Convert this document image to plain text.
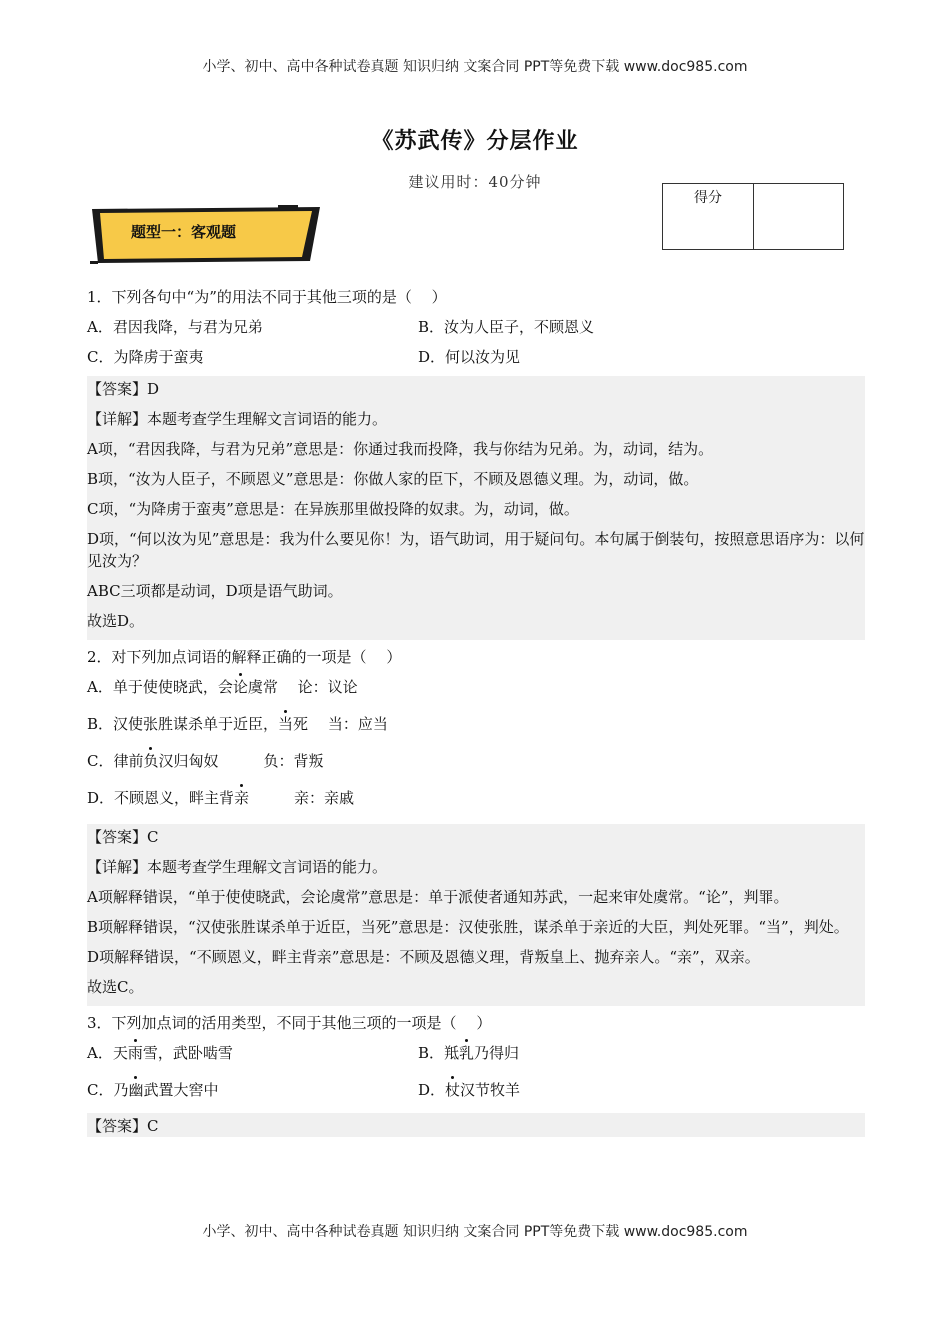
小学、初中、高中各种试卷真题 知识归纳 文案合同 PPT等免费下载 www.doc985.com
《苏武传》分层作业
建议用时：40分钟
得分
题型一：客观题
1．下列各句中“为”的用法不同于其他三项的是（　 ）
A．君因我降，与君为兄弟	B．汝为人臣子，不顾恩义
C．为降虏于蛮夷	D．何以汝为见
【答案】D
【详解】本题考查学生理解文言词语的能力。
A项，“君因我降，与君为兄弟”意思是：你通过我而投降，我与你结为兄弟。为，动词，结为。
B项，“汝为人臣子，不顾恩义”意思是：你做人家的臣下，不顾及恩德义理。为，动词，做。
C项，“为降虏于蛮夷”意思是：在异族那里做投降的奴隶。为，动词，做。
D项，“何以汝为见”意思是：我为什么要见你！为，语气助词，用于疑问句。本句属于倒装句，按照意思语序为：以何见汝为？
ABC三项都是动词，D项是语气助词。
故选D。
2．对下列加点词语的解释正确的一项是（　 ）
A．单于使使晓武，会论虞常　 论：议论
B．汉使张胜谋杀单于近臣，当死　 当：应当
C．律前负汉归匈奴　　　负：背叛
D．不顾恩义，畔主背亲　　　亲：亲戚
【答案】C
【详解】本题考查学生理解文言词语的能力。
A项解释错误，“单于使使晓武，会论虞常”意思是：单于派使者通知苏武，一起来审处虞常。“论”，判罪。
B项解释错误，“汉使张胜谋杀单于近臣，当死”意思是：汉使张胜，谋杀单于亲近的大臣，判处死罪。“当”，判处。
D项解释错误，“不顾恩义，畔主背亲”意思是：不顾及恩德义理，背叛皇上、抛弃亲人。“亲”，双亲。
故选C。
3．下列加点词的活用类型，不同于其他三项的一项是（　 ）
A．天雨雪，武卧啮雪	B．羝乳乃得归
C．乃幽武置大窖中	D．杖汉节牧羊
【答案】C
小学、初中、高中各种试卷真题 知识归纳 文案合同 PPT等免费下载 www.doc985.com
